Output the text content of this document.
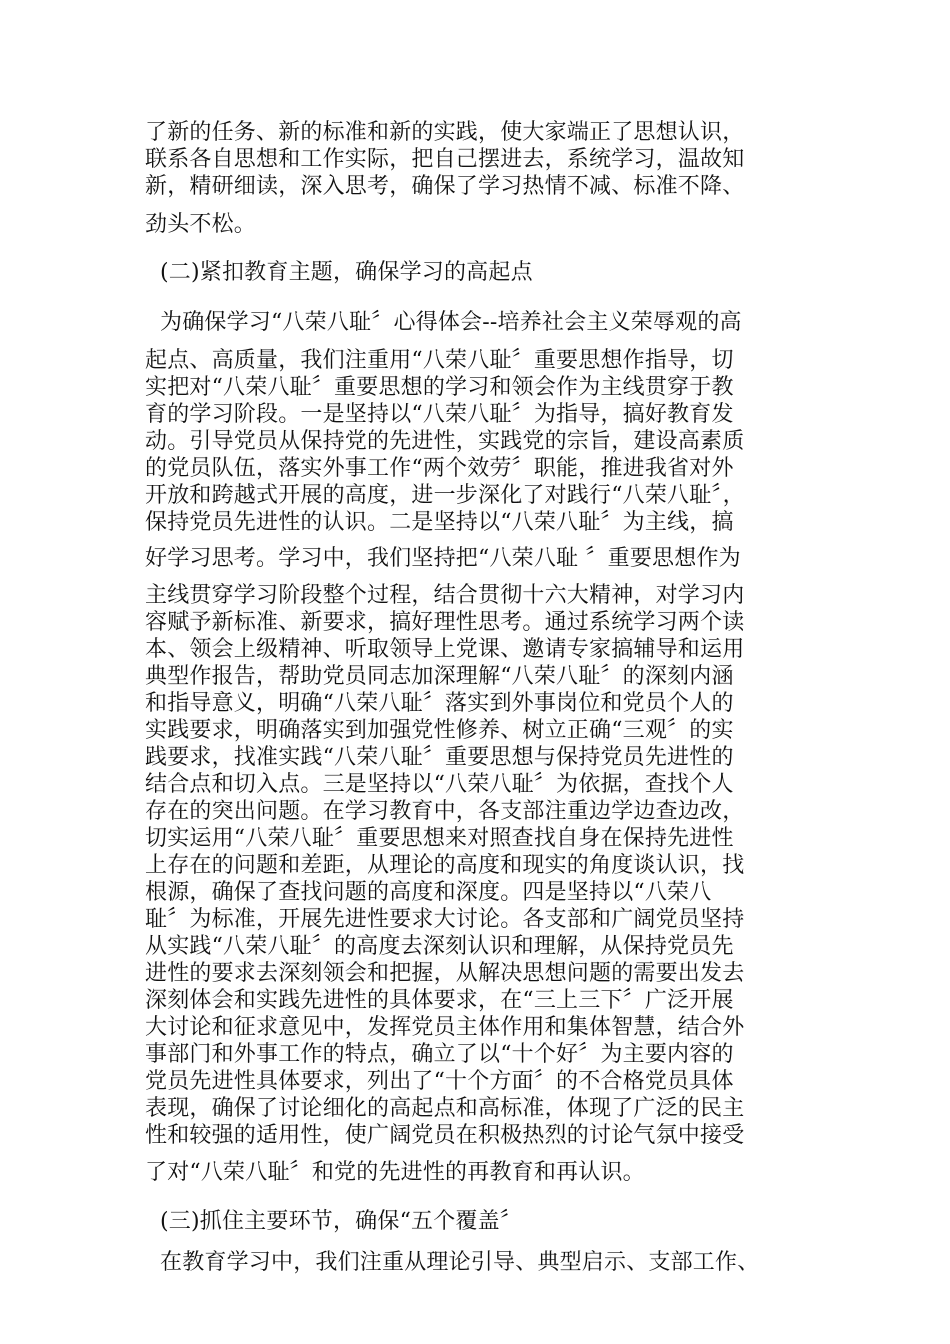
了新的任务、新的标准和新的实践，使大家端正了思想认识，
联系各自思想和工作实际，把自己摆进去，系统学习，温故知
新，精研细读，深入思考，确保了学习热情不减、标准不降、
劲头不松。
(二)紧扣教育主题，确保学习的高起点
为确保学习“八荣八耻〞心得体会--培养社会主义荣辱观的高
起点、高质量，我们注重用“八荣八耻〞重要思想作指导，切
实把对“八荣八耻〞重要思想的学习和领会作为主线贯穿于教
育的学习阶段。一是坚持以“八荣八耻〞为指导，搞好教育发
动。引导党员从保持党的先进性，实践党的宗旨，建设高素质
的党员队伍，落实外事工作“两个效劳〞职能，推进我省对外
开放和跨越式开展的高度，进一步深化了对践行“八荣八耻〞，
保持党员先进性的认识。二是坚持以“八荣八耻〞为主线，搞
好学习思考。学习中，我们坚持把“八荣八耻 〞重要思想作为
主线贯穿学习阶段整个过程，结合贯彻十六大精神，对学习内
容赋予新标准、新要求，搞好理性思考。通过系统学习两个读
本、领会上级精神、听取领导上党课、邀请专家搞辅导和运用
典型作报告，帮助党员同志加深理解“八荣八耻〞的深刻内涵
和指导意义，明确“八荣八耻〞落实到外事岗位和党员个人的
实践要求，明确落实到加强党性修养、树立正确“三观〞的实
践要求，找准实践“八荣八耻〞重要思想与保持党员先进性的
结合点和切入点。三是坚持以“八荣八耻〞为依据，查找个人
存在的突出问题。在学习教育中，各支部注重边学边查边改，
切实运用“八荣八耻〞重要思想来对照查找自身在保持先进性
上存在的问题和差距，从理论的高度和现实的角度谈认识，找
根源，确保了查找问题的高度和深度。四是坚持以“八荣八
耻〞为标准，开展先进性要求大讨论。各支部和广阔党员坚持
从实践“八荣八耻〞的高度去深刻认识和理解，从保持党员先
进性的要求去深刻领会和把握，从解决思想问题的需要出发去
深刻体会和实践先进性的具体要求，在“三上三下〞广泛开展
大讨论和征求意见中，发挥党员主体作用和集体智慧，结合外
事部门和外事工作的特点，确立了以“十个好〞为主要内容的
党员先进性具体要求，列出了“十个方面〞的不合格党员具体
表现，确保了讨论细化的高起点和高标准，体现了广泛的民主
性和较强的适用性，使广阔党员在积极热烈的讨论气氛中接受
了对“八荣八耻〞和党的先进性的再教育和再认识。
(三)抓住主要环节，确保“五个覆盖〞
在教育学习中，我们注重从理论引导、典型启示、支部工作、
